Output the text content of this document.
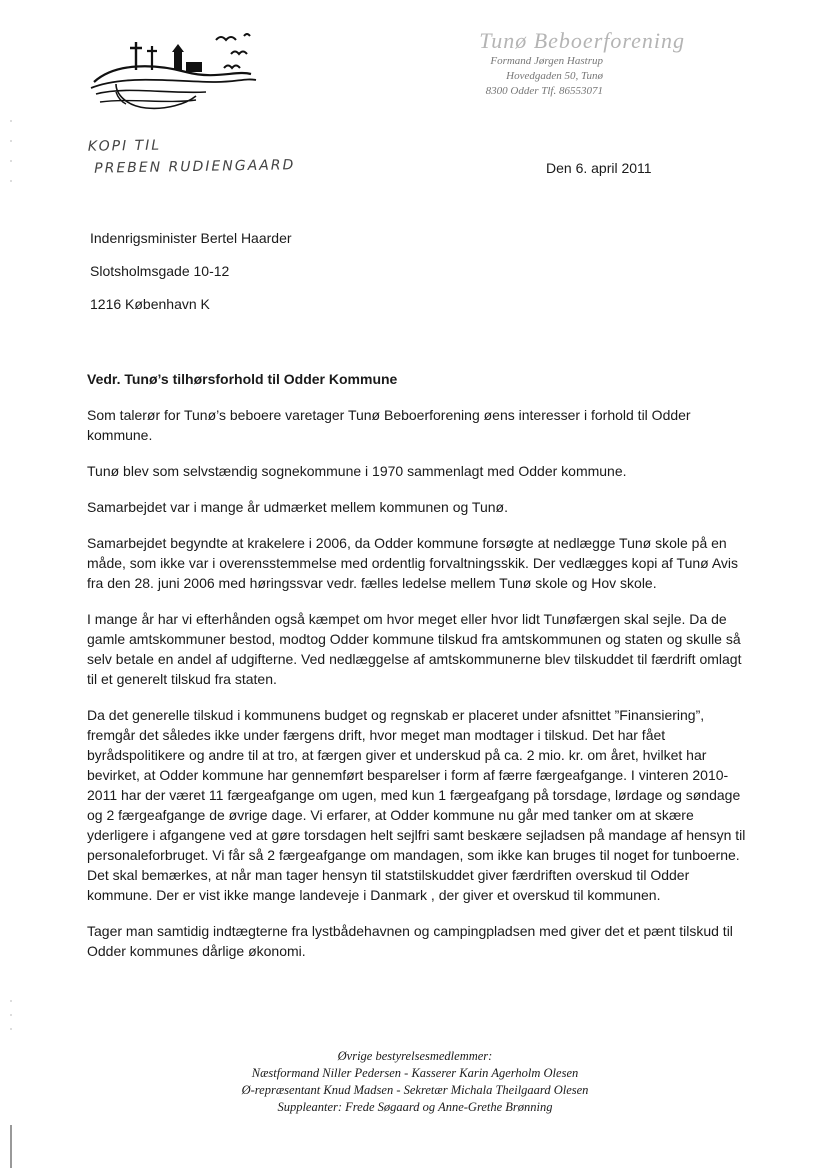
Tunø Beboerforening
Formand Jørgen Hastrup
Hovedgaden 50, Tunø
8300 Odder Tlf. 86553071
KOPI TIL
PREBEN RUDIENGAARD	Den 6. april 2011
Indenrigsminister Bertel Haarder
Slotsholmsgade 10-12
1216 København K

Vedr. Tunø’s tilhørsforhold til Odder Kommune

Som talerør for Tunø’s beboere varetager Tunø Beboerforening øens interesser i forhold til Odder kommune.

Tunø blev som selvstændig sognekommune i 1970 sammenlagt med Odder kommune.

Samarbejdet var i mange år udmærket mellem kommunen og Tunø.

Samarbejdet begyndte at krakelere i 2006, da Odder kommune forsøgte at nedlægge Tunø skole på en måde, som ikke var i overensstemmelse med ordentlig forvaltningsskik. Der vedlægges kopi af Tunø Avis fra den 28. juni 2006 med høringssvar vedr. fælles ledelse mellem Tunø skole og Hov skole.

I mange år har vi efterhånden også kæmpet om hvor meget eller hvor lidt Tunøfærgen skal sejle. Da de gamle amtskommuner bestod, modtog Odder kommune tilskud fra amtskommunen og staten og skulle så selv betale en andel af udgifterne. Ved nedlæggelse af amtskommunerne blev tilskuddet til færdrift omlagt til et generelt tilskud fra staten.

Da det generelle tilskud i kommunens budget og regnskab er placeret under afsnittet ”Finansiering”, fremgår det således ikke under færgens drift, hvor meget man modtager i tilskud. Det har fået byrådspolitikere og andre til at tro, at færgen giver et underskud på ca. 2 mio. kr. om året, hvilket har bevirket, at Odder kommune har gennemført besparelser i form af færre færgeafgange. I vinteren 2010-2011 har der været 11 færgeafgange om ugen, med kun 1 færgeafgang på torsdage, lørdage og søndage og 2 færgeafgange de øvrige dage. Vi erfarer, at Odder kommune nu går med tanker om at skære yderligere i afgangene ved at gøre torsdagen helt sejlfri samt beskære sejladsen på mandage af hensyn til personaleforbruget. Vi får så 2 færgeafgange om mandagen, som ikke kan bruges til noget for tunboerne. Det skal bemærkes, at når man tager hensyn til statstilskuddet giver færdriften overskud til Odder kommune. Der er vist ikke mange landeveje i Danmark , der giver et overskud til kommunen.

Tager man samtidig indtægterne fra lystbådehavnen og campingpladsen med giver det et pænt tilskud til Odder kommunes dårlige økonomi.

Øvrige bestyrelsesmedlemmer:
Næstformand Niller Pedersen - Kasserer Karin Agerholm Olesen
Ø-repræsentant Knud Madsen - Sekretær Michala Theilgaard Olesen
Suppleanter: Frede Søgaard og Anne-Grethe Brønning
